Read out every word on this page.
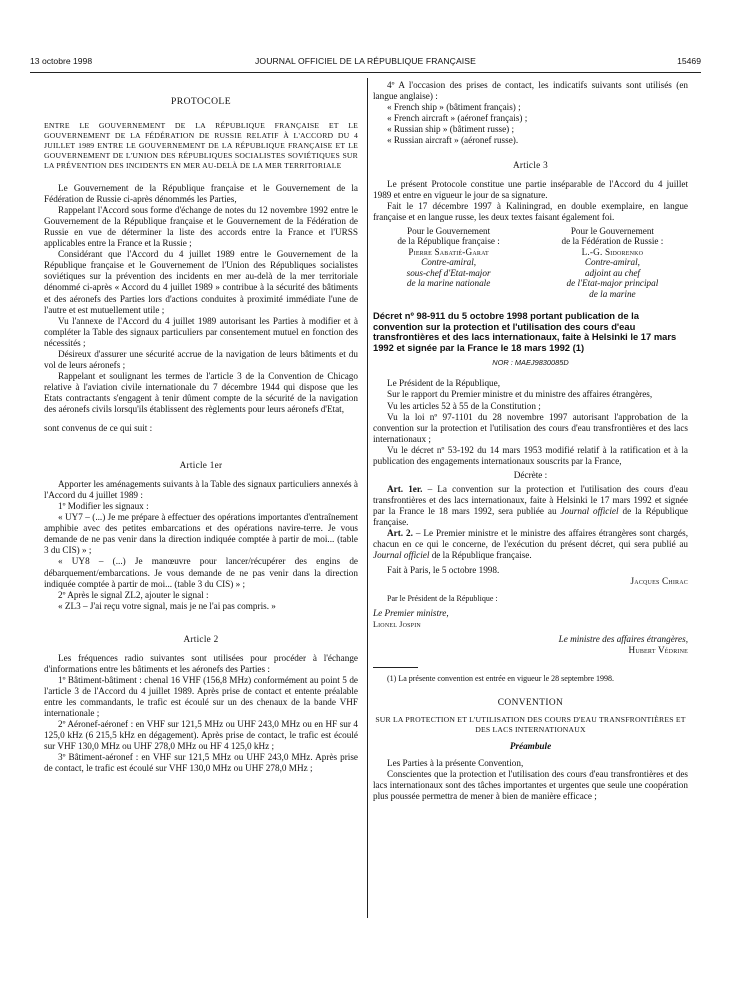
13 octobre 1998	JOURNAL OFFICIEL DE LA RÉPUBLIQUE FRANÇAISE	15469
PROTOCOLE
ENTRE LE GOUVERNEMENT DE LA RÉPUBLIQUE FRANÇAISE ET LE GOUVERNEMENT DE LA FÉDÉRATION DE RUSSIE RELATIF À L'ACCORD DU 4 JUILLET 1989 ENTRE LE GOUVERNEMENT DE LA RÉPUBLIQUE FRANÇAISE ET LE GOUVERNEMENT DE L'UNION DES RÉPUBLIQUES SOCIALISTES SOVIÉTIQUES SUR LA PRÉVENTION DES INCIDENTS EN MER AU-DELÀ DE LA MER TERRITORIALE

Le Gouvernement de la République française et le Gouvernement de la Fédération de Russie ci-après dénommés les Parties,

Rappelant l'Accord sous forme d'échange de notes du 12 novembre 1992 entre le Gouvernement de la République française et le Gouvernement de la Fédération de Russie en vue de déterminer la liste des accords entre la France et l'URSS applicables entre la France et la Russie ;

Considérant que l'Accord du 4 juillet 1989 entre le Gouvernement de la République française et le Gouvernement de l'Union des Républiques socialistes soviétiques sur la prévention des incidents en mer au-delà de la mer territoriale dénommé ci-après « Accord du 4 juillet 1989 » contribue à la sécurité des bâtiments et des aéronefs des Parties lors d'actions conduites à proximité immédiate l'une de l'autre et est mutuellement utile ;

Vu l'annexe de l'Accord du 4 juillet 1989 autorisant les Parties à modifier et à compléter la Table des signaux particuliers par consentement mutuel en fonction des nécessités ;

Désireux d'assurer une sécurité accrue de la navigation de leurs bâtiments et du vol de leurs aéronefs ;

Rappelant et soulignant les termes de l'article 3 de la Convention de Chicago relative à l'aviation civile internationale du 7 décembre 1944 qui dispose que les Etats contractants s'engagent à tenir dûment compte de la sécurité de la navigation des aéronefs civils lorsqu'ils établissent des règlements pour leurs aéronefs d'Etat,

sont convenus de ce qui suit :

Article 1er

Apporter les aménagements suivants à la Table des signaux particuliers annexés à l'Accord du 4 juillet 1989 :

1º Modifier les signaux :

« UY7 – (...) Je me prépare à effectuer des opérations importantes d'entraînement amphibie avec des petites embarcations et des opérations navire-terre. Je vous demande de ne pas venir dans la direction indiquée comptée à partir de moi... (table 3 du CIS) » ;

« UY8 – (...) Je manœuvre pour lancer/récupérer des engins de débarquement/embarcations. Je vous demande de ne pas venir dans la direction indiquée comptée à partir de moi... (table 3 du CIS) » ;

2º Après le signal ZL2, ajouter le signal :

« ZL3 – J'ai reçu votre signal, mais je ne l'ai pas compris. »

Article 2

Les fréquences radio suivantes sont utilisées pour procéder à l'échange d'informations entre les bâtiments et les aéronefs des Parties :

1º Bâtiment-bâtiment : chenal 16 VHF (156,8 MHz) conformément au point 5 de l'article 3 de l'Accord du 4 juillet 1989. Après prise de contact et entente préalable entre les commandants, le trafic est écoulé sur un des chenaux de la bande VHF internationale ;

2º Aéronef-aéronef : en VHF sur 121,5 MHz ou UHF 243,0 MHz ou en HF sur 4 125,0 kHz (6 215,5 kHz en dégagement). Après prise de contact, le trafic est écoulé sur VHF 130,0 MHz ou UHF 278,0 MHz ou HF 4 125,0 kHz ;

3º Bâtiment-aéronef : en VHF sur 121,5 MHz ou UHF 243,0 MHz. Après prise de contact, le trafic est écoulé sur VHF 130,0 MHz ou UHF 278,0 MHz ;

4º A l'occasion des prises de contact, les indicatifs suivants sont utilisés (en langue anglaise) :

« French ship » (bâtiment français) ;

« French aircraft » (aéronef français) ;

« Russian ship » (bâtiment russe) ;

« Russian aircraft » (aéronef russe).

Article 3

Le présent Protocole constitue une partie inséparable de l'Accord du 4 juillet 1989 et entre en vigueur le jour de sa signature.

Fait le 17 décembre 1997 à Kaliningrad, en double exemplaire, en langue française et en langue russe, les deux textes faisant également foi.

Pour le Gouvernement
de la République française :
Pierre Sabatié-Garat
Contre-amiral,
sous-chef d'Etat-major
de la marine nationale
Pour le Gouvernement
de la Fédération de Russie :
L.-G. Sidorenko
Contre-amiral,
adjoint au chef
de l'Etat-major principal
de la marine

Décret nº 98-911 du 5 octobre 1998 portant publication de la convention sur la protection et l'utilisation des cours d'eau transfrontières et des lacs internationaux, faite à Helsinki le 17 mars 1992 et signée par la France le 18 mars 1992 (1)

NOR : MAEJ9830085D

Le Président de la République,

Sur le rapport du Premier ministre et du ministre des affaires étrangères,

Vu les articles 52 à 55 de la Constitution ;

Vu la loi nº 97-1101 du 28 novembre 1997 autorisant l'approbation de la convention sur la protection et l'utilisation des cours d'eau transfrontières et des lacs internationaux ;

Vu le décret nº 53-192 du 14 mars 1953 modifié relatif à la ratification et à la publication des engagements internationaux souscrits par la France,

Décrète :

Art. 1er. – La convention sur la protection et l'utilisation des cours d'eau transfrontières et des lacs internationaux, faite à Helsinki le 17 mars 1992 et signée par la France le 18 mars 1992, sera publiée au Journal officiel de la République française.

Art. 2. – Le Premier ministre et le ministre des affaires étrangères sont chargés, chacun en ce qui le concerne, de l'exécution du présent décret, qui sera publié au Journal officiel de la République française.

Fait à Paris, le 5 octobre 1998.

Jacques Chirac

Par le Président de la République :

Le Premier ministre,

Lionel Jospin

Le ministre des affaires étrangères,

Hubert Védrine

(1) La présente convention est entrée en vigueur le 28 septembre 1998.

CONVENTION
SUR LA PROTECTION ET L'UTILISATION DES COURS D'EAU TRANSFRONTIÈRES ET DES LACS INTERNATIONAUX
Préambule

Les Parties à la présente Convention,

Conscientes que la protection et l'utilisation des cours d'eau transfrontières et des lacs internationaux sont des tâches importantes et urgentes que seule une coopération plus poussée permettra de mener à bien de manière efficace ;
